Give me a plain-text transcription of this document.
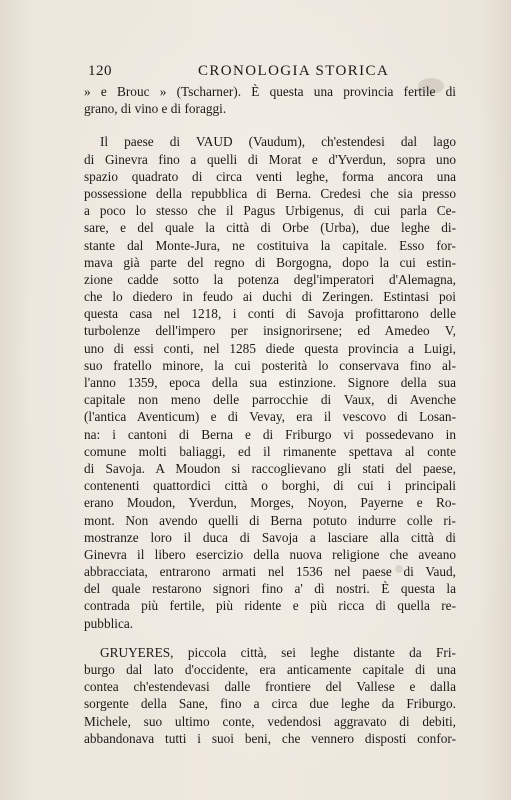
120	CRONOLOGIA STORICA
» e Brouc » (Tscharner). È questa una provincia fertile di
grano, di vino e di foraggi.
Il paese di VAUD (Vaudum), ch'estendesi dal lago
di Ginevra fino a quelli di Morat e d'Yverdun, sopra uno
spazio quadrato di circa venti leghe, forma ancora una
possessione della repubblica di Berna. Credesi che sia presso
a poco lo stesso che il Pagus Urbigenus, di cui parla Ce-
sare, e del quale la città di Orbe (Urba), due leghe di-
stante dal Monte-Jura, ne costituiva la capitale. Esso for-
mava già parte del regno di Borgogna, dopo la cui estin-
zione cadde sotto la potenza degl'imperatori d'Alemagna,
che lo diedero in feudo ai duchi di Zeringen. Estintasi poi
questa casa nel 1218, i conti di Savoja profittarono delle
turbolenze dell'impero per insignorirsene; ed Amedeo V,
uno di essi conti, nel 1285 diede questa provincia a Luigi,
suo fratello minore, la cui posterità lo conservava fino al-
l'anno 1359, epoca della sua estinzione. Signore della sua
capitale non meno delle parrocchie di Vaux, di Avenche
(l'antica Aventicum) e di Vevay, era il vescovo di Losan-
na: i cantoni di Berna e di Friburgo vi possedevano in
comune molti baliaggi, ed il rimanente spettava al conte
di Savoja. A Moudon si raccoglievano gli stati del paese,
contenenti quattordici città o borghi, di cui i principali
erano Moudon, Yverdun, Morges, Noyon, Payerne e Ro-
mont. Non avendo quelli di Berna potuto indurre colle ri-
mostranze loro il duca di Savoja a lasciare alla città di
Ginevra il libero esercizio della nuova religione che aveano
abbracciata, entrarono armati nel 1536 nel paese di Vaud,
del quale restarono signori fino a' dì nostri. È questa la
contrada più fertile, più ridente e più ricca di quella re-
pubblica.
GRUYERES, piccola città, sei leghe distante da Fri-
burgo dal lato d'occidente, era anticamente capitale di una
contea ch'estendevasi dalle frontiere del Vallese e dalla
sorgente della Sane, fino a circa due leghe da Friburgo.
Michele, suo ultimo conte, vedendosi aggravato di debiti,
abbandonava tutti i suoi beni, che vennero disposti confor-
